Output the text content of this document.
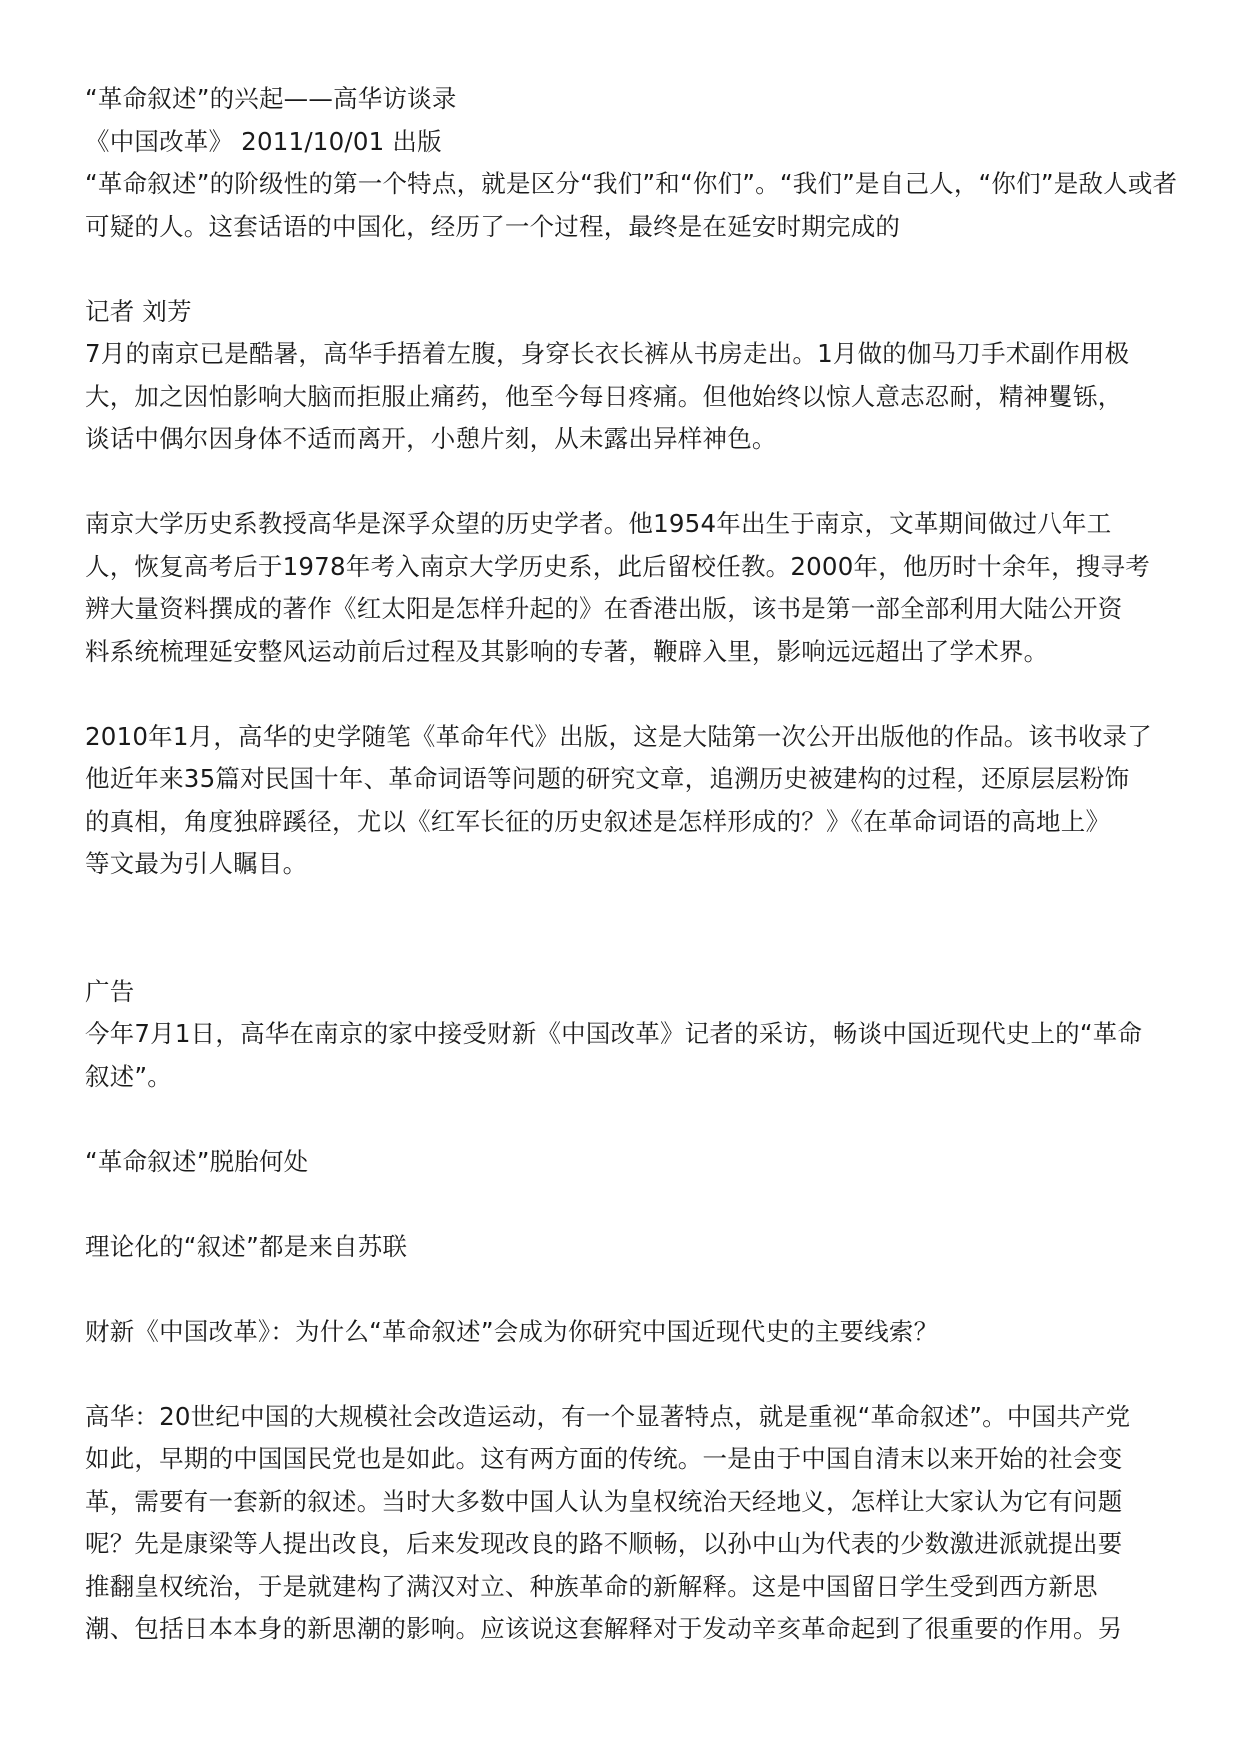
“革命叙述”的兴起——高华访谈录

《中国改革》 2011/10/01 出版

“革命叙述”的阶级性的第一个特点，就是区分“我们”和“你们”。“我们”是自己人，“你们”是敌人或者

可疑的人。这套话语的中国化，经历了一个过程，最终是在延安时期完成的

记者 刘芳

7月的南京已是酷暑，高华手捂着左腹，身穿长衣长裤从书房走出。1月做的伽马刀手术副作用极

大，加之因怕影响大脑而拒服止痛药，他至今每日疼痛。但他始终以惊人意志忍耐，精神矍铄，

谈话中偶尔因身体不适而离开，小憩片刻，从未露出异样神色。

南京大学历史系教授高华是深孚众望的历史学者。他1954年出生于南京，文革期间做过八年工

人，恢复高考后于1978年考入南京大学历史系，此后留校任教。2000年，他历时十余年，搜寻考

辨大量资料撰成的著作《红太阳是怎样升起的》在香港出版，该书是第一部全部利用大陆公开资

料系统梳理延安整风运动前后过程及其影响的专著，鞭辟入里，影响远远超出了学术界。

2010年1月，高华的史学随笔《革命年代》出版，这是大陆第一次公开出版他的作品。该书收录了

他近年来35篇对民国十年、革命词语等问题的研究文章，追溯历史被建构的过程，还原层层粉饰

的真相，角度独辟蹊径，尤以《红军长征的历史叙述是怎样形成的？》《在革命词语的高地上》

等文最为引人瞩目。

广告

今年7月1日，高华在南京的家中接受财新《中国改革》记者的采访，畅谈中国近现代史上的“革命

叙述”。

“革命叙述”脱胎何处

理论化的“叙述”都是来自苏联

财新《中国改革》：为什么“革命叙述”会成为你研究中国近现代史的主要线索？

高华：20世纪中国的大规模社会改造运动，有一个显著特点，就是重视“革命叙述”。中国共产党

如此，早期的中国国民党也是如此。这有两方面的传统。一是由于中国自清末以来开始的社会变

革，需要有一套新的叙述。当时大多数中国人认为皇权统治天经地义，怎样让大家认为它有问题

呢？先是康梁等人提出改良，后来发现改良的路不顺畅，以孙中山为代表的少数激进派就提出要

推翻皇权统治，于是就建构了满汉对立、种族革命的新解释。这是中国留日学生受到西方新思

潮、包括日本本身的新思潮的影响。应该说这套解释对于发动辛亥革命起到了很重要的作用。另
